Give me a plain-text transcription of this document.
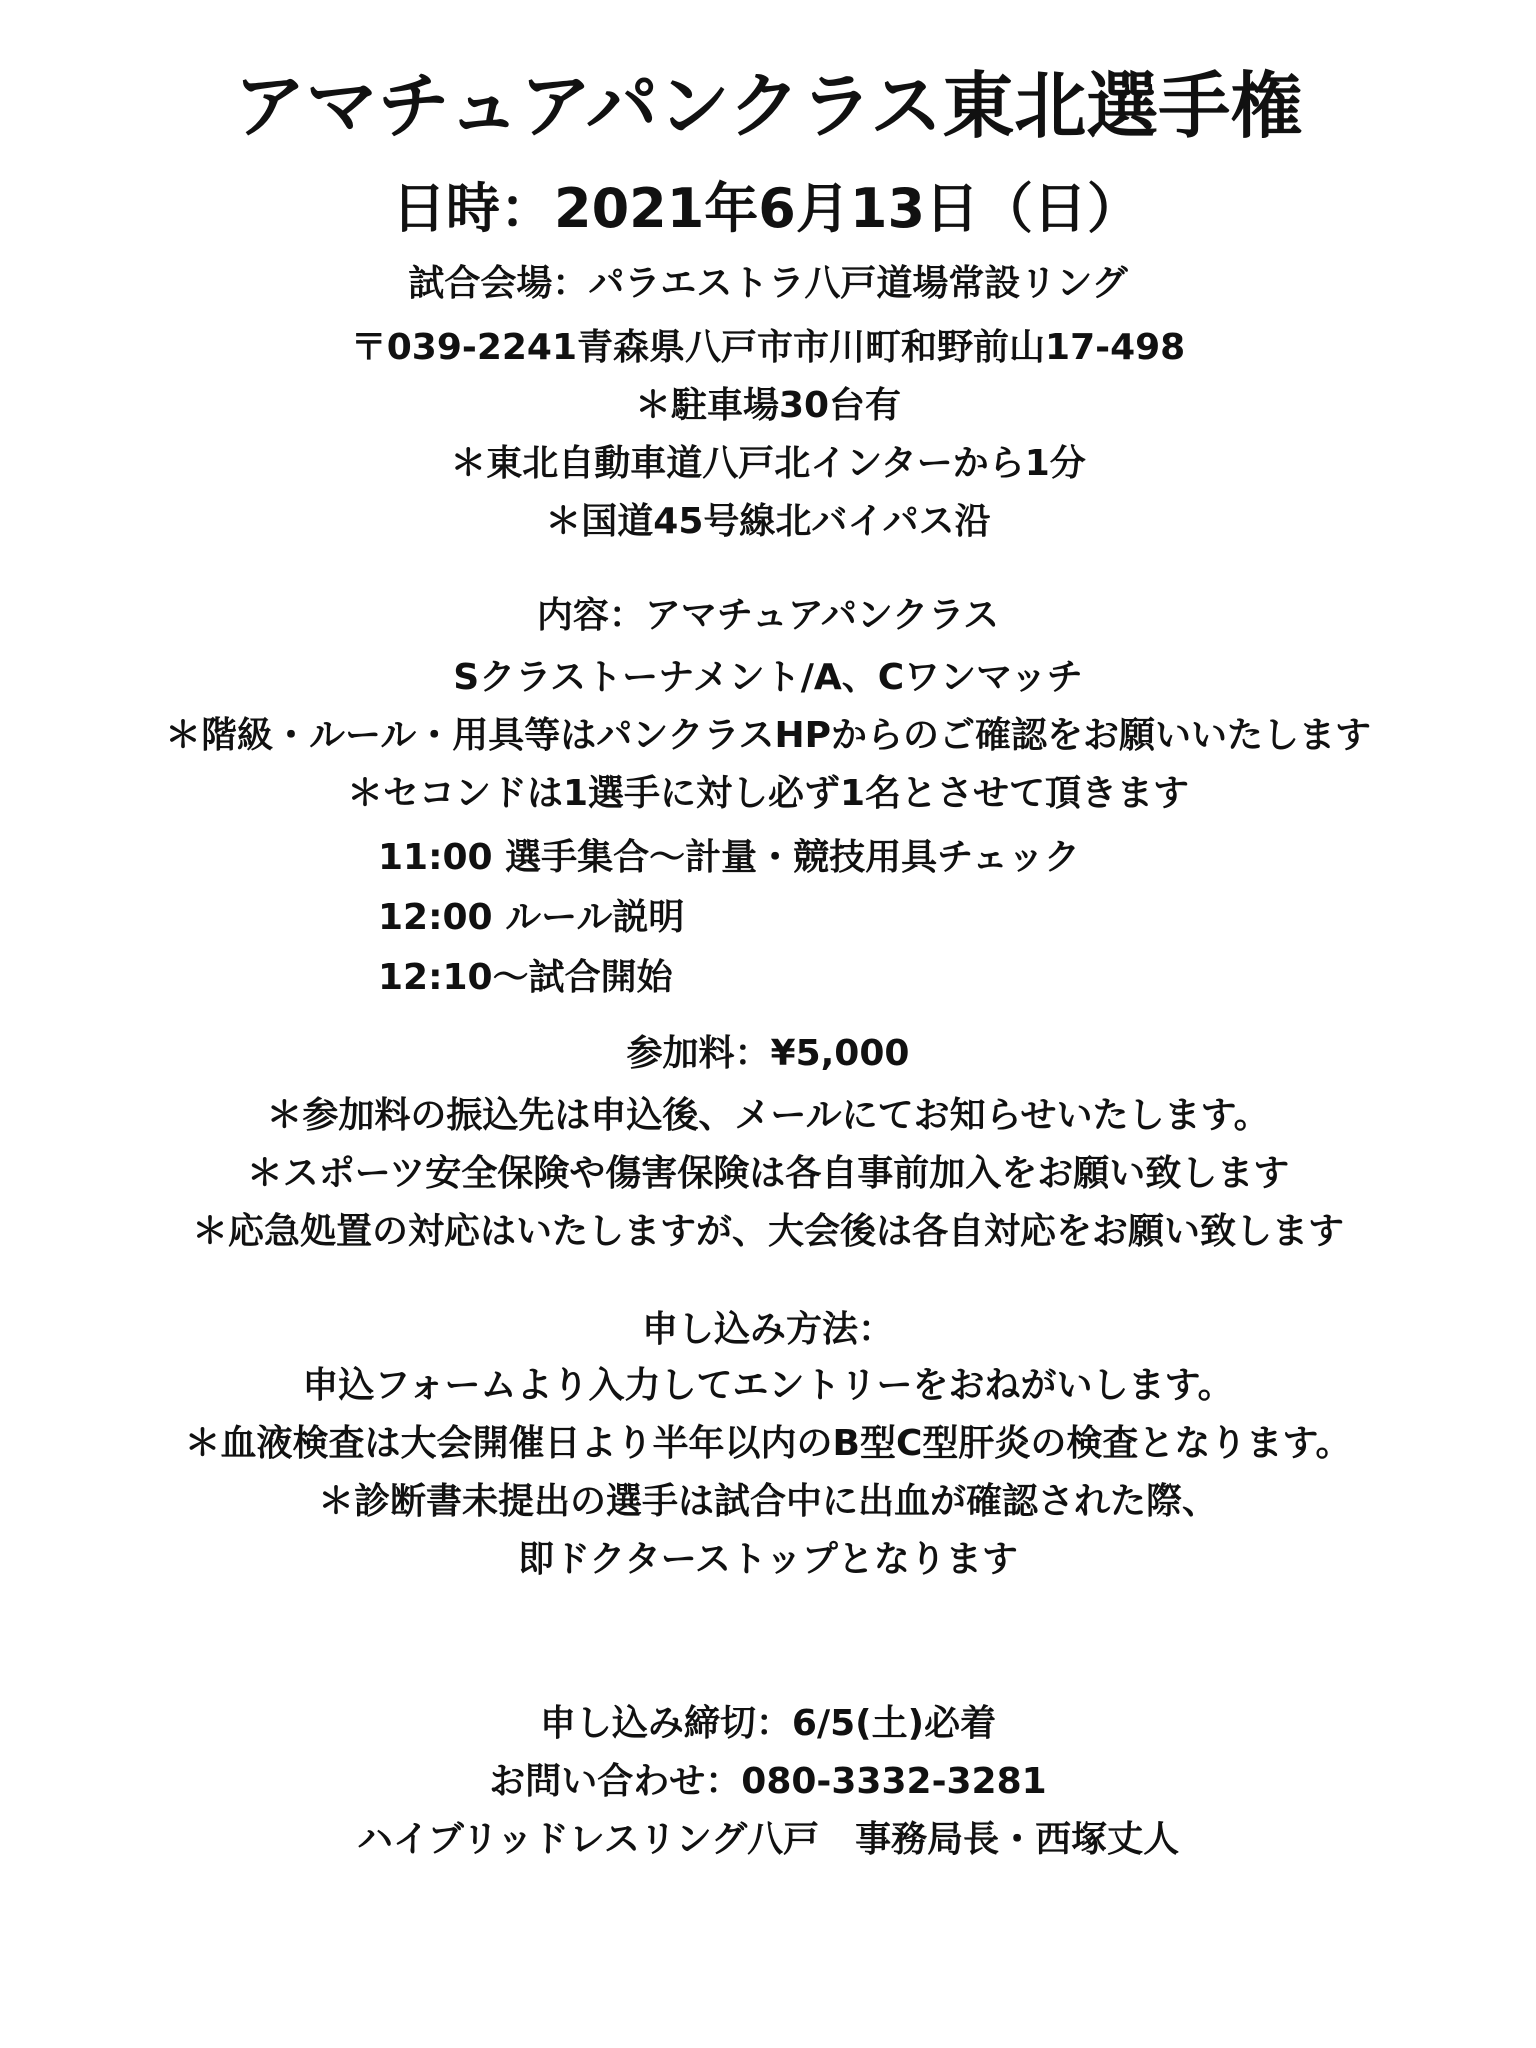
アマチュアパンクラス東北選手権
日時：2021年6月13日（日）
試合会場：パラエストラ八戸道場常設リング
〒039-2241青森県八戸市市川町和野前山17-498
＊駐車場30台有
＊東北自動車道八戸北インターから1分
＊国道45号線北バイパス沿
内容：アマチュアパンクラス
Sクラストーナメント/A、Cワンマッチ
＊階級・ルール・用具等はパンクラスHPからのご確認をお願いいたします
＊セコンドは1選手に対し必ず1名とさせて頂きます
11:00 選手集合〜計量・競技用具チェック
12:00 ルール説明
12:10〜試合開始
参加料：¥5,000
＊参加料の振込先は申込後、メールにてお知らせいたします。
＊スポーツ安全保険や傷害保険は各自事前加入をお願い致します
＊応急処置の対応はいたしますが、大会後は各自対応をお願い致します
申し込み方法：
申込フォームより入力してエントリーをおねがいします。
＊血液検査は大会開催日より半年以内のB型C型肝炎の検査となります。
＊診断書未提出の選手は試合中に出血が確認された際、
即ドクターストップとなります
申し込み締切：6/5(土)必着
お問い合わせ：080-3332-3281
ハイブリッドレスリング八戸　事務局長・西塚丈人
